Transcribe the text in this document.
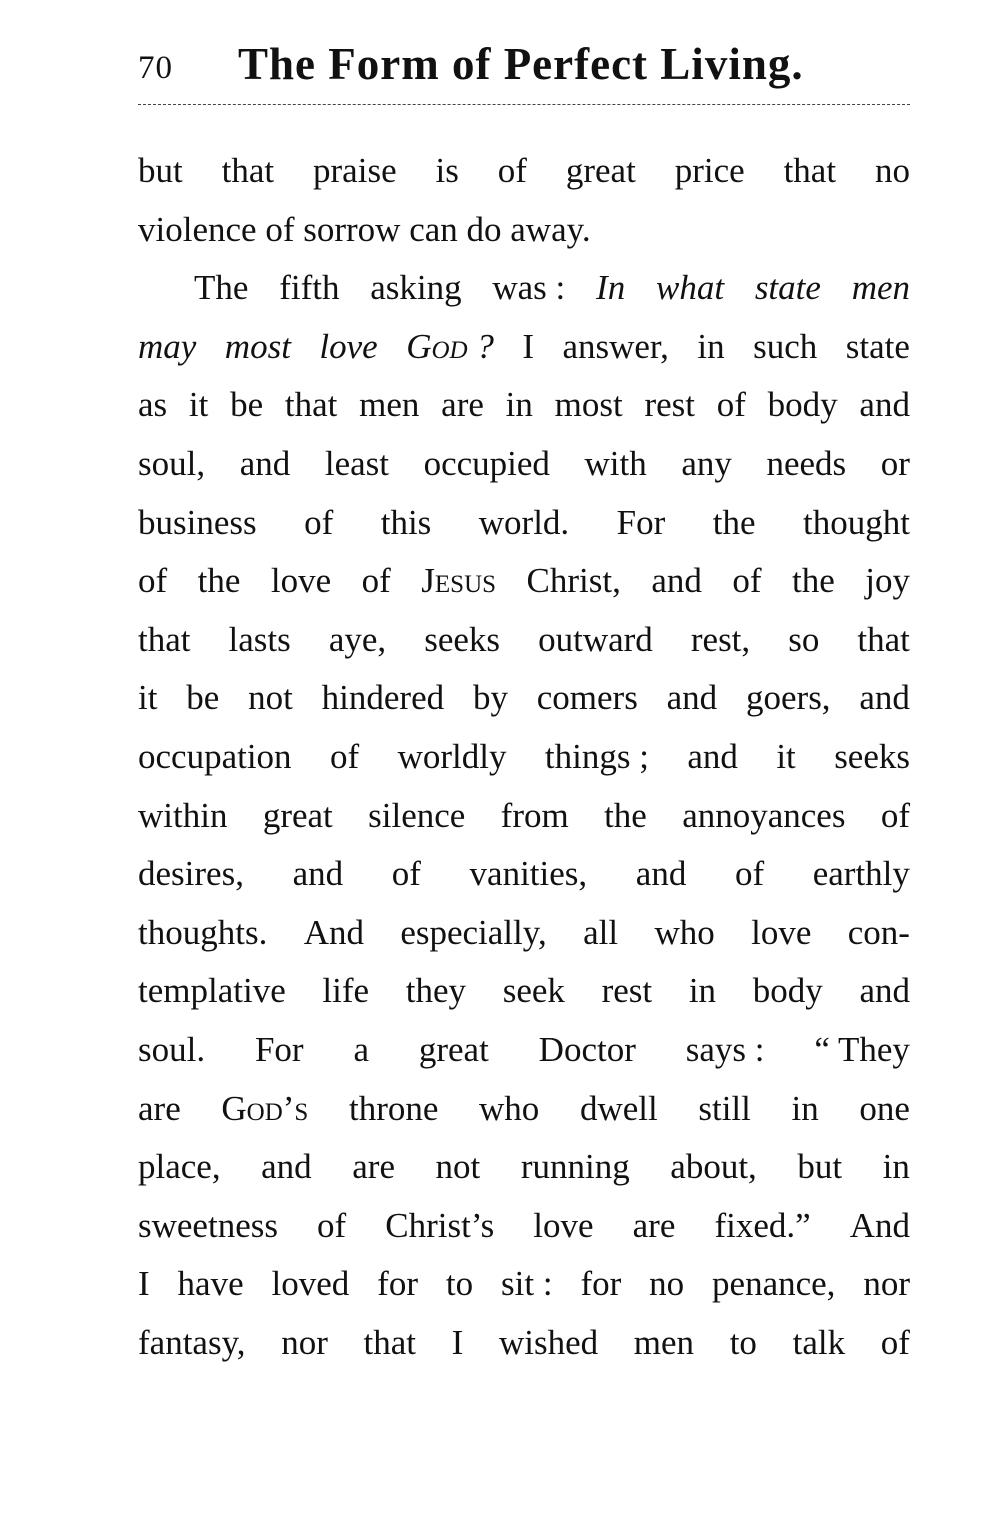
70 The Form of Perfect Living.
but that praise is of great price that no
violence
of
sorrow
can
do
away.
The fifth asking was : In what state men
may most love God ? I answer, in such state
as it be that men are in most rest of body and
soul, and least occupied with any needs or
business of this world. For the thought
of the love of Jesus Christ, and of the joy
that lasts aye, seeks outward rest, so that
it be not hindered by comers and goers, and
occupation of worldly things ; and it seeks
within great silence from the annoyances of
desires, and of vanities, and of earthly
thoughts. And especially, all who love con-
templative life they seek rest in body and
soul. For a great Doctor says : “ They
are God’s throne who dwell still in one
place, and are not running about, but in
sweetness of Christ’s love are fixed.” And
I have loved for to sit : for no penance, nor
fantasy, nor that I wished men to talk of
